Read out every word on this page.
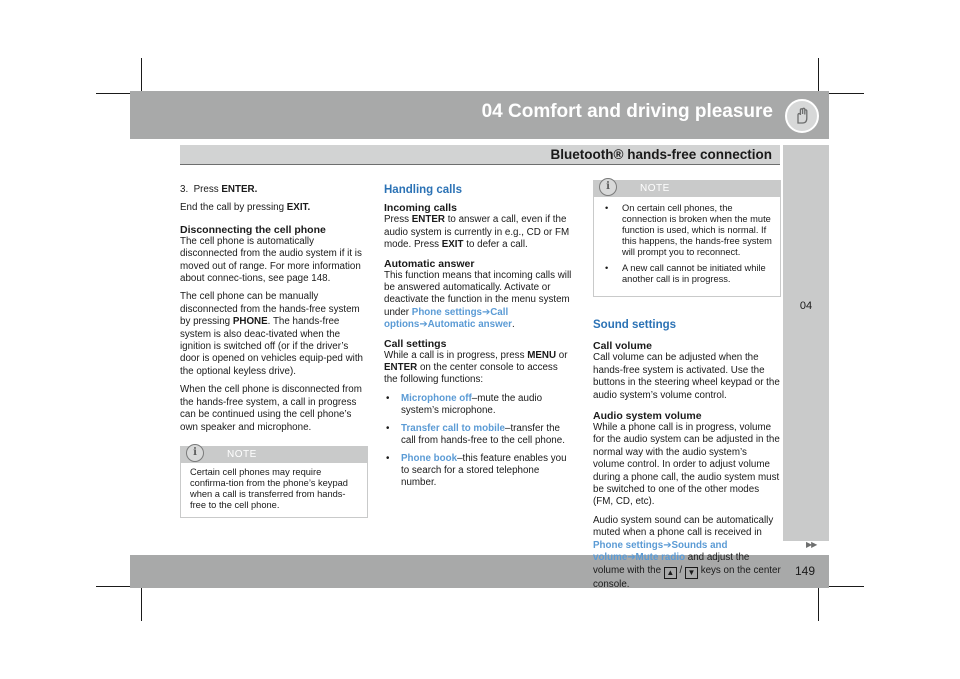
04 Comfort and driving pleasure
Bluetooth® hands-free connection
04
▶▶
149

3.  Press ENTER.

End the call by pressing EXIT.

Disconnecting the cell phone

The cell phone is automatically disconnected from the audio system if it is moved out of range. For more information about connec-tions, see page 148.

The cell phone can be manually disconnected from the hands-free system by pressing PHONE. The hands-free system is also deac-tivated when the ignition is switched off (or if the driver’s door is opened on vehicles equip-ped with the optional keyless drive).

When the cell phone is disconnected from the hands-free system, a call in progress can be continued using the cell phone’s own speaker and microphone.

i	NOTE
Certain cell phones may require confirma-tion from the phone’s keypad when a call is transferred from hands-free to the cell phone.
Handling calls
Incoming calls

Press ENTER to answer a call, even if the audio system is currently in e.g., CD or FM mode. Press EXIT to defer a call.

Automatic answer

This function means that incoming calls will be answered automatically. Activate or deactivate the function in the menu system under Phone settings➔Call options➔Automatic answer.

Call settings

While a call is in progress, press MENU or ENTER on the center console to access the following functions:

• Microphone off–mute the audio system’s microphone.
• Transfer call to mobile–transfer the call from hands-free to the cell phone.
• Phone book–this feature enables you to search for a stored telephone number.
i	NOTE
• On certain cell phones, the connection is broken when the mute function is used, which is normal. If this happens, the hands-free system will prompt you to reconnect.
• A new call cannot be initiated while another call is in progress.
Sound settings
Call volume

Call volume can be adjusted when the hands-free system is activated. Use the buttons in the steering wheel keypad or the audio system’s volume control.

Audio system volume

While a phone call is in progress, volume for the audio system can be adjusted in the normal way with the audio system’s volume control. In order to adjust volume during a phone call, the audio system must be switched to one of the other modes (FM, CD, etc).

Audio system sound can be automatically muted when a phone call is received in Phone settings➔Sounds and volume➔Mute radio and adjust the volume with the ▲ / ▼ keys on the center console.
